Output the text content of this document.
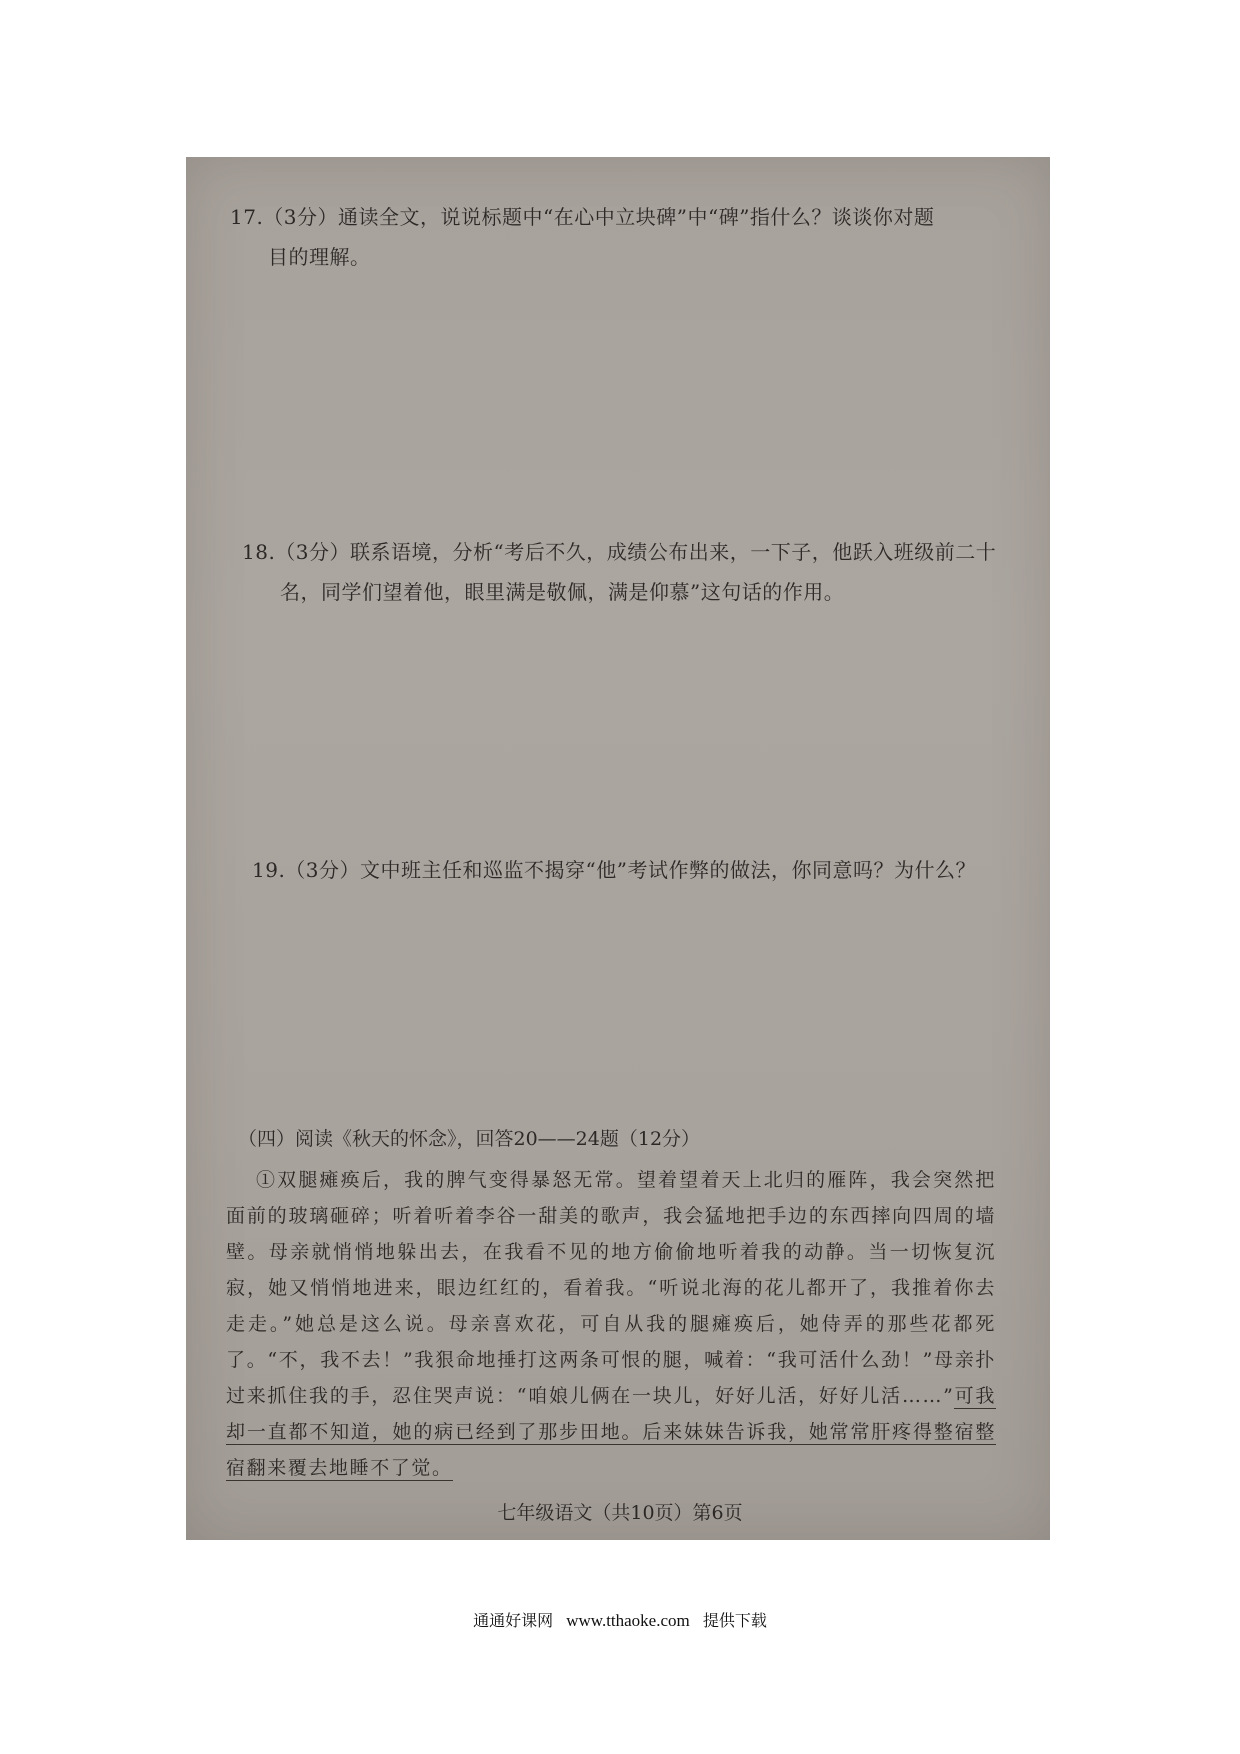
17.（3分）通读全文，说说标题中“在心中立块碑”中“碑”指什么？谈谈你对题
目的理解。
18.（3分）联系语境，分析“考后不久，成绩公布出来，一下子，他跃入班级前二十
名，同学们望着他，眼里满是敬佩，满是仰慕”这句话的作用。
19.（3分）文中班主任和巡监不揭穿“他”考试作弊的做法，你同意吗？为什么？
（四）阅读《秋天的怀念》，回答20——24题（12分）
①双腿瘫痪后，我的脾气变得暴怒无常。望着望着天上北归的雁阵，我会突然把面前的玻璃砸碎；听着听着李谷一甜美的歌声，我会猛地把手边的东西摔向四周的墙壁。母亲就悄悄地躲出去，在我看不见的地方偷偷地听着我的动静。当一切恢复沉寂，她又悄悄地进来，眼边红红的，看着我。“听说北海的花儿都开了，我推着你去走走。”她总是这么说。母亲喜欢花，可自从我的腿瘫痪后，她侍弄的那些花都死了。“不，我不去！”我狠命地捶打这两条可恨的腿，喊着：“我可活什么劲！”母亲扑过来抓住我的手，忍住哭声说：“咱娘儿俩在一块儿，好好儿活，好好儿活……”可我却一直都不知道，她的病已经到了那步田地。后来妹妹告诉我，她常常肝疼得整宿整宿翻来覆去地睡不了觉。
七年级语文（共10页）第6页
通通好课网 www.tthaoke.com 提供下载
